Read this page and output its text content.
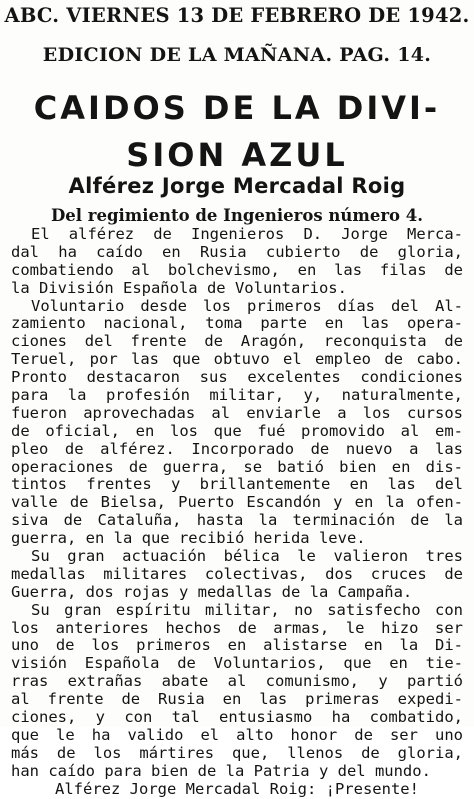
ABC. VIERNES 13 DE FEBRERO DE 1942.
EDICION DE LA MAÑANA. PAG. 14.
CAIDOS DE LA DIVI-
SION AZUL
Alférez Jorge Mercadal Roig
Del regimiento de Ingenieros número 4.
El alférez de Ingenieros D. Jorge Merca-
dal ha caído en Rusia cubierto de gloria,
combatiendo al bolchevismo, en las filas de
la División Española de Voluntarios.
Voluntario desde los primeros días del Al-
zamiento nacional, toma parte en las opera-
ciones del frente de Aragón, reconquista de
Teruel, por las que obtuvo el empleo de cabo.
Pronto destacaron sus excelentes condiciones
para la profesión militar, y, naturalmente,
fueron aprovechadas al enviarle a los cursos
de oficial, en los que fué promovido al em-
pleo de alférez. Incorporado de nuevo a las
operaciones de guerra, se batió bien en dis-
tintos frentes y brillantemente en las del
valle de Bielsa, Puerto Escandón y en la ofen-
siva de Cataluña, hasta la terminación de la
guerra, en la que recibió herida leve.
Su gran actuación bélica le valieron tres
medallas militares colectivas, dos cruces de
Guerra, dos rojas y medallas de la Campaña.
Su gran espíritu militar, no satisfecho con
los anteriores hechos de armas, le hizo ser
uno de los primeros en alistarse en la Di-
visión Española de Voluntarios, que en tie-
rras extrañas abate al comunismo, y partió
al frente de Rusia en las primeras expedi-
ciones, y con tal entusiasmo ha combatido,
que le ha valido el alto honor de ser uno
más de los mártires que, llenos de gloria,
han caído para bien de la Patria y del mundo.
Alférez Jorge Mercadal Roig: ¡Presente!
